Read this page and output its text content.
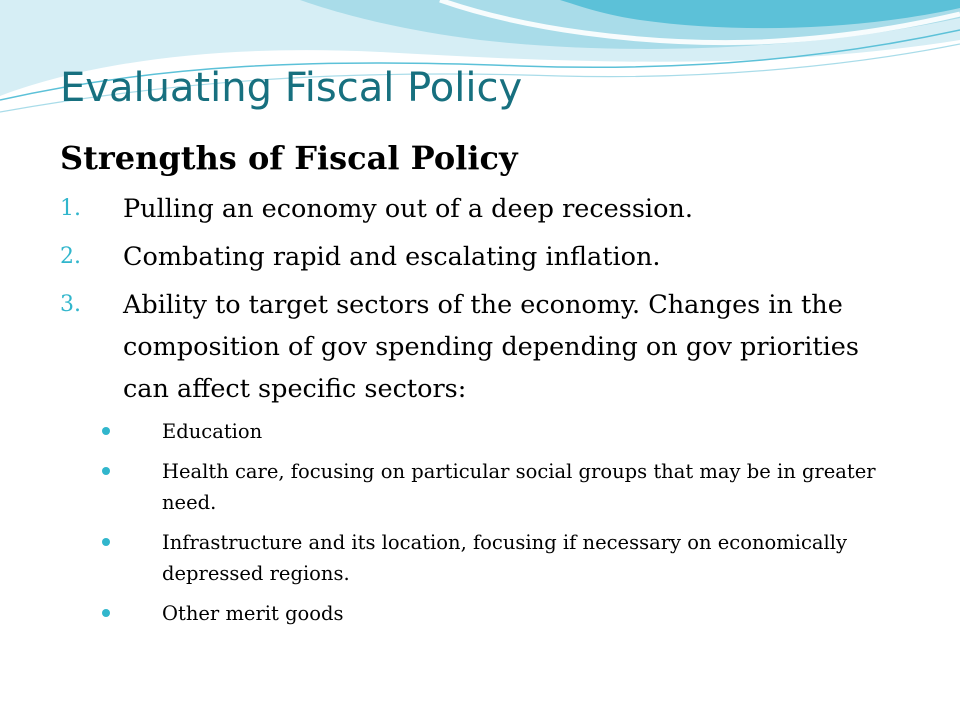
Evaluating Fiscal Policy
Strengths of Fiscal Policy
1. Pulling an economy out of a deep recession.
2. Combating rapid and escalating inflation.
3. Ability to target sectors of the economy. Changes in the composition of gov spending depending on gov priorities can affect specific sectors:
Education
Health care, focusing on particular social groups that may be in greater need.
Infrastructure and its location, focusing if necessary on economically depressed regions.
Other merit goods
